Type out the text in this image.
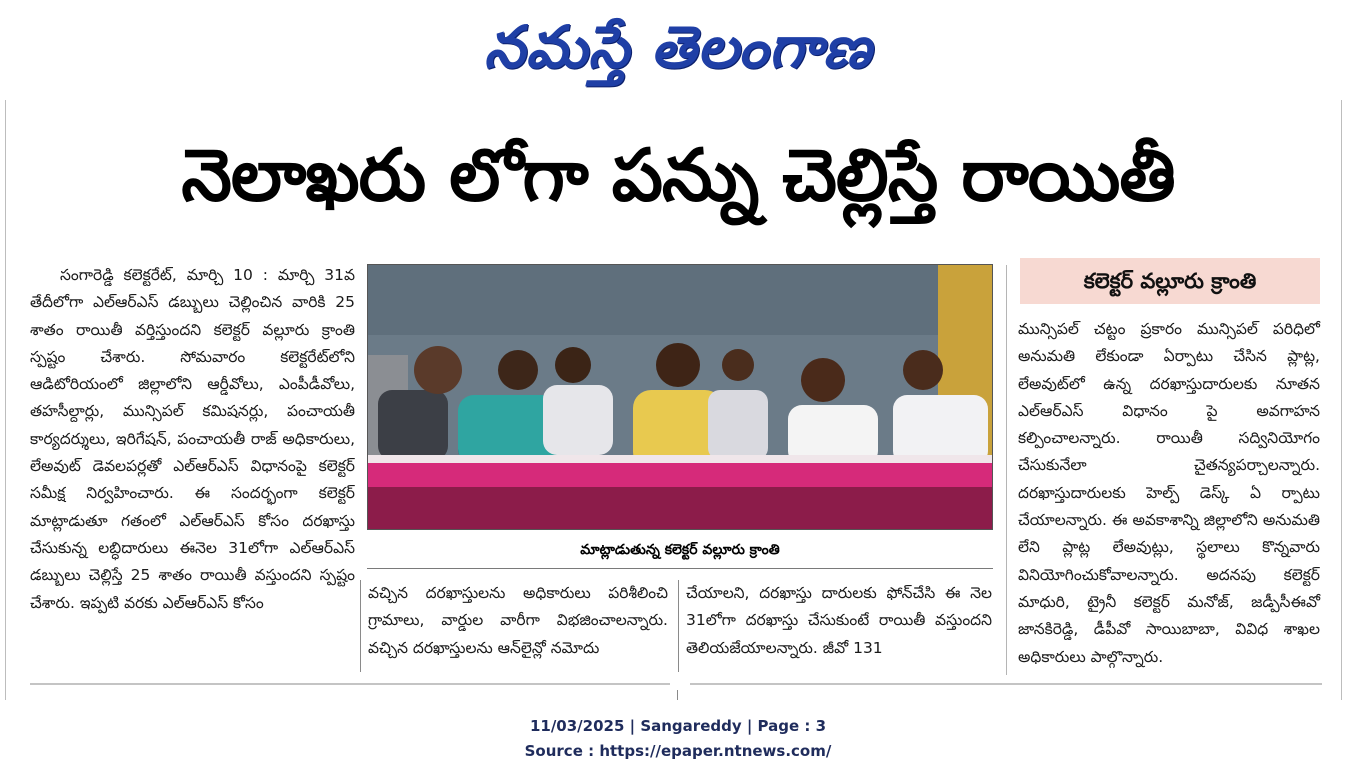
నమస్తే తెలంగాణ
నెలాఖరు లోగా పన్ను చెల్లిస్తే రాయితీ

సంగారెడ్డి కలెక్టరేట్, మార్చి 10 : మార్చి 31వ తేదీలోగా ఎల్ఆర్ఎస్ డబ్బులు చెల్లించిన వారికి 25 శాతం రాయితీ వర్తిస్తుందని కలెక్టర్ వల్లూరు క్రాంతి స్పష్టం చేశారు. సోమవారం కలెక్టరేట్‌లోని ఆడిటోరియంలో జిల్లాలోని ఆర్డీవోలు, ఎంపీడీవోలు, తహసీల్దార్లు, మున్సిపల్ కమిషనర్లు, పంచాయతీ కార్యదర్శులు, ఇరిగేషన్, పంచాయతీ రాజ్ అధికారులు, లేఅవుట్ డెవలపర్లతో ఎల్ఆర్ఎస్ విధానంపై కలెక్టర్ సమీక్ష నిర్వహించారు. ఈ సందర్భంగా కలెక్టర్ మాట్లాడుతూ గతంలో ఎల్ఆర్ఎస్ కోసం దరఖాస్తు చేసుకున్న లబ్ధిదారులు ఈనెల 31లోగా ఎల్ఆర్ఎస్ డబ్బులు చెల్లిస్తే 25 శాతం రాయితీ వస్తుందని స్పష్టం చేశారు. ఇప్పటి వరకు ఎల్ఆర్ఎస్ కోసం

మాట్లాడుతున్న కలెక్టర్ వల్లూరు క్రాంతి

వచ్చిన దరఖాస్తులను అధికారులు పరిశీలించి గ్రామాలు, వార్డుల వారీగా విభజించాలన్నారు. వచ్చిన దరఖాస్తులను ఆన్‌లైన్లో నమోదు

చేయాలని, దరఖాస్తు దారులకు ఫోన్‌చేసి ఈ నెల 31లోగా దరఖాస్తు చేసుకుంటే రాయితీ వస్తుందని తెలియజేయాలన్నారు. జీవో 131

కలెక్టర్ వల్లూరు క్రాంతి

మున్సిపల్ చట్టం ప్రకారం మున్సిపల్ పరిధిలో అనుమతి లేకుండా ఏర్పాటు చేసిన ప్లాట్ల, లేఅవుట్‌లో ఉన్న దరఖాస్తుదారులకు నూతన ఎల్ఆర్ఎస్ విధానం పై అవగాహన కల్పించాలన్నారు. రాయితీ సద్వినియోగం చేసుకునేలా చైతన్యపర్చాలన్నారు. దరఖాస్తుదారులకు హెల్ప్ డెస్క్ ఏ ర్పాటు చేయాలన్నారు. ఈ అవకాశాన్ని జిల్లాలోని అనుమతి లేని ప్లాట్ల లేఅవుట్లు, స్థలాలు కొన్నవారు వినియోగించుకోవాలన్నారు. అదనపు కలెక్టర్ మాధురి, ట్రైనీ కలెక్టర్ మనోజ్, జడ్పీసీఈవో జానకిరెడ్డి, డీపీవో సాయిబాబా, వివిధ శాఖల అధికారులు పాల్గొన్నారు.

11/03/2025 | Sangareddy | Page : 3
Source : https://epaper.ntnews.com/
